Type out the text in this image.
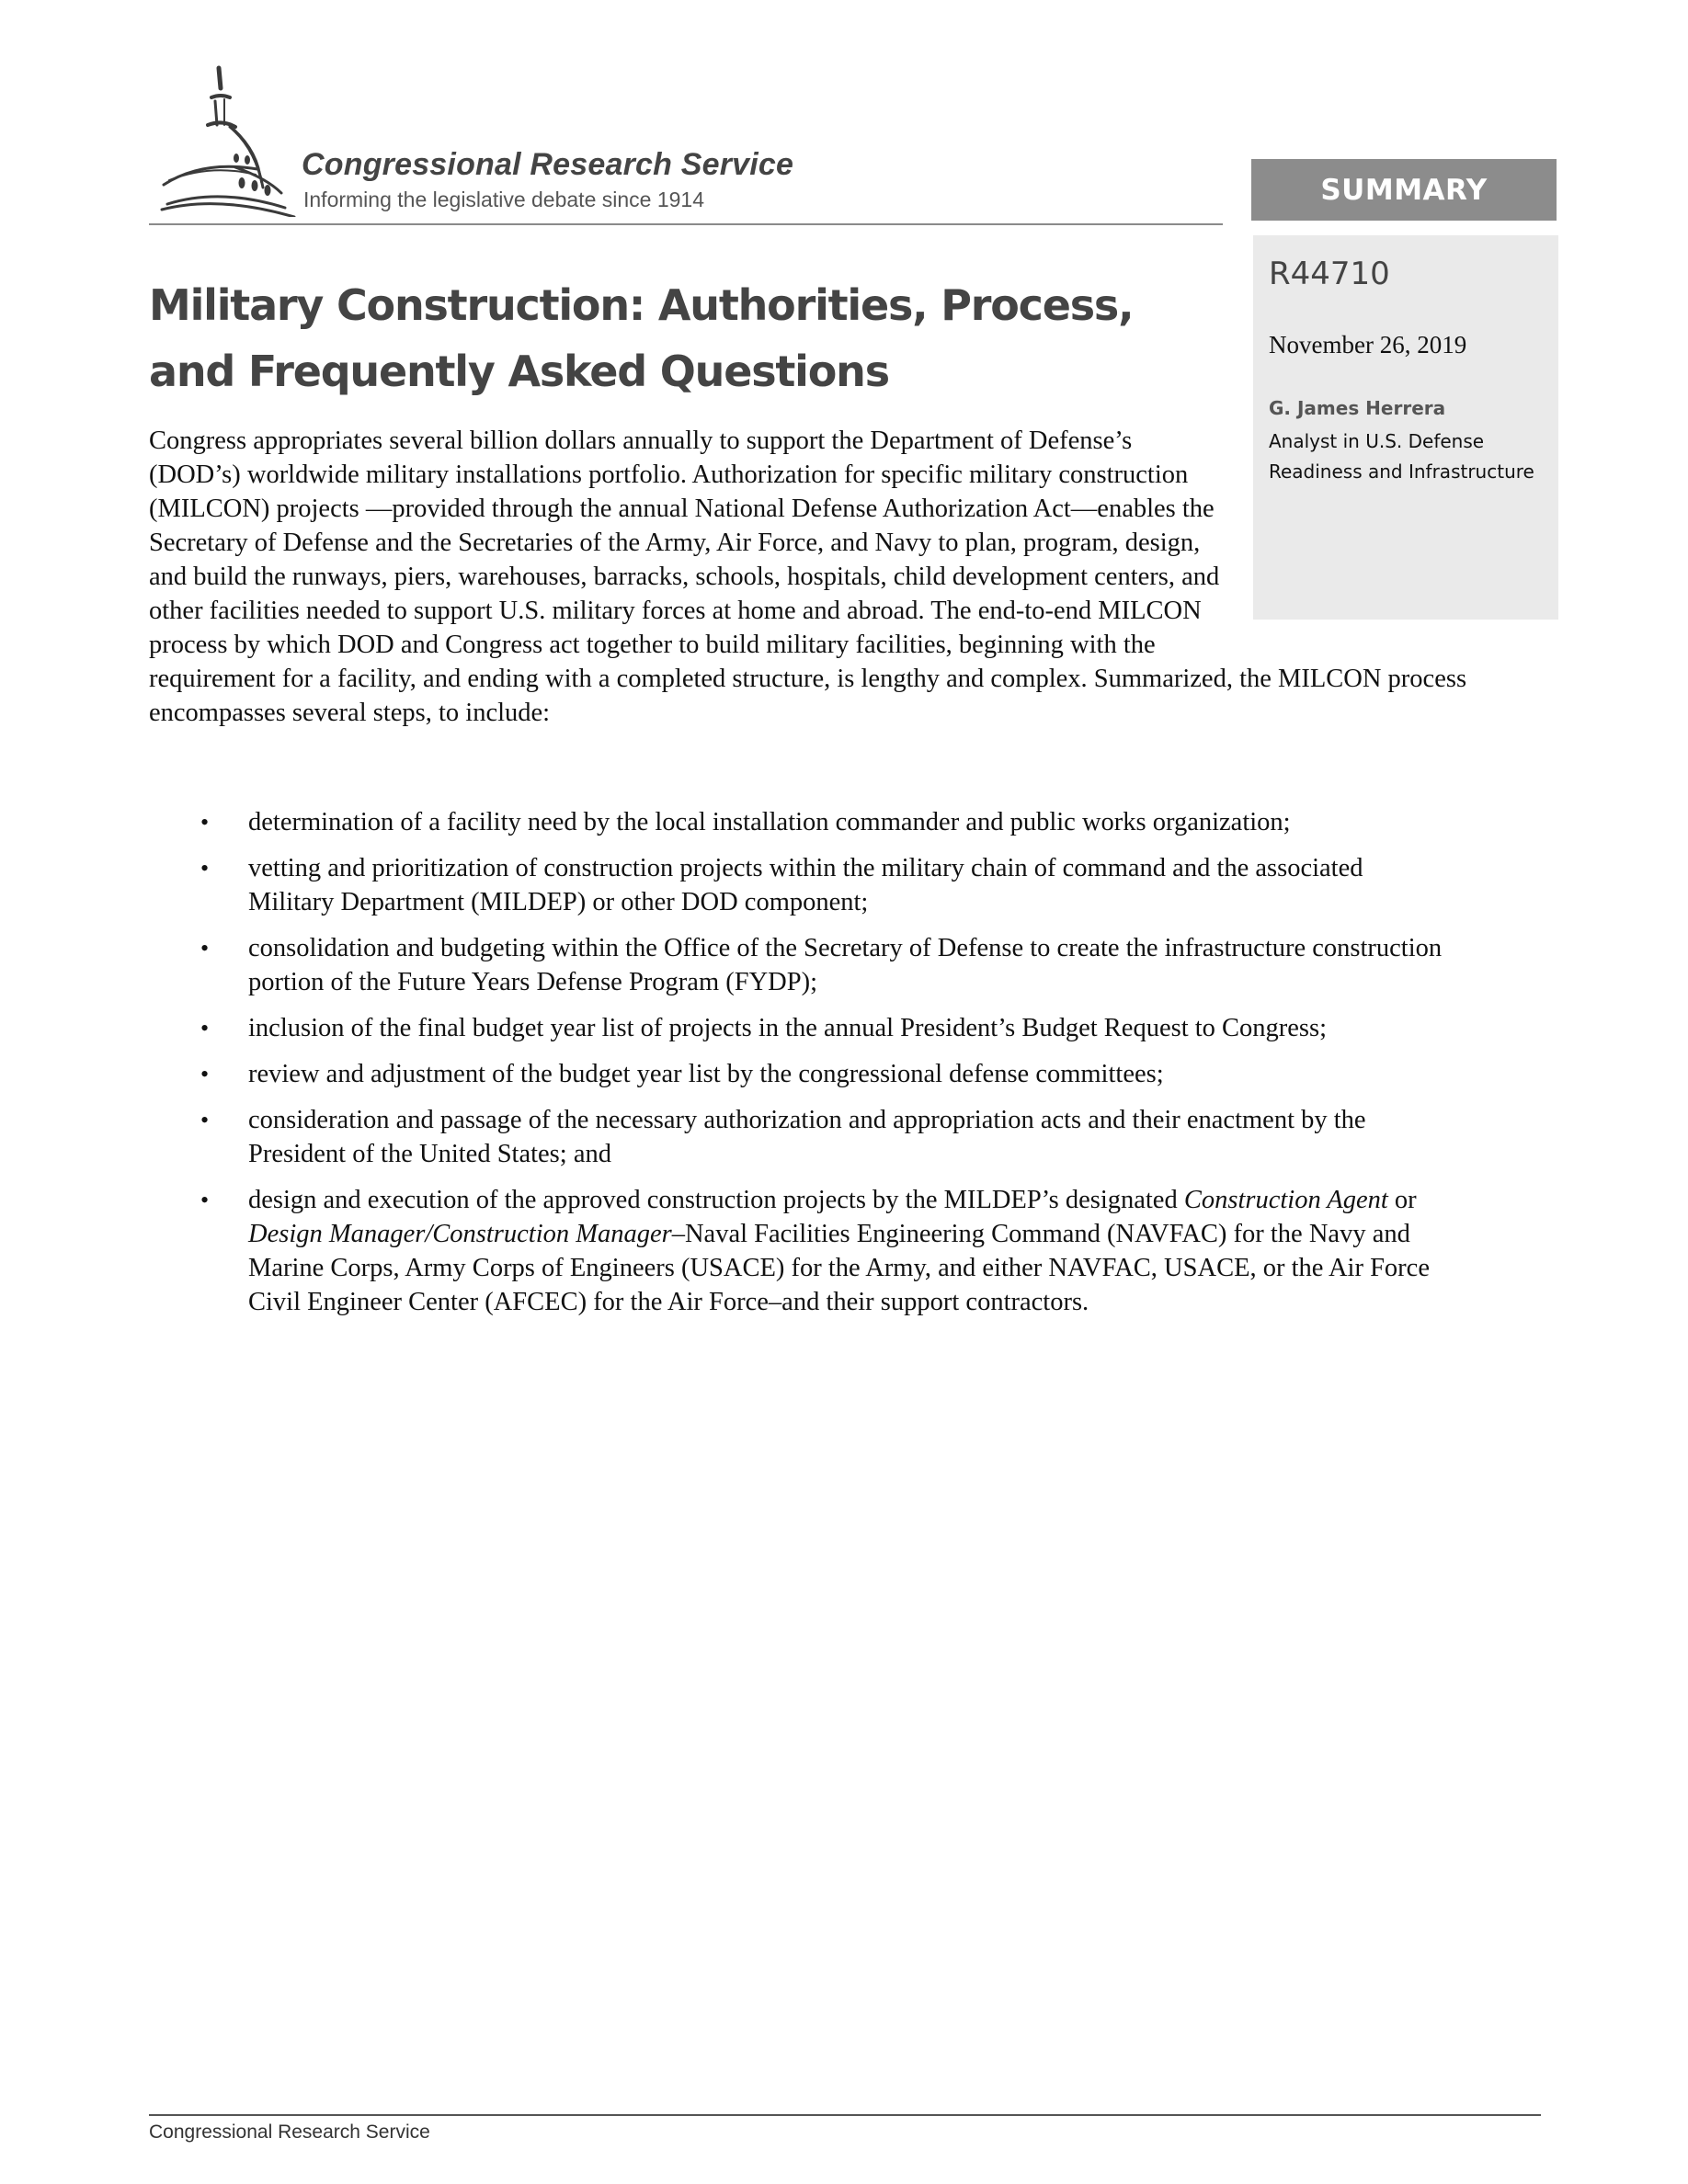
Congressional Research Service
Informing the legislative debate since 1914	SUMMARY
R44710
November 26, 2019
G. James Herrera
Analyst in U.S. Defense Readiness and Infrastructure
Military Construction: Authorities, Process, and Frequently Asked Questions

Congress appropriates several billion dollars annually to support the Department of Defense’s (DOD’s) worldwide military installations portfolio. Authorization for specific military construction (MILCON) projects —provided through the annual National Defense Authorization Act—enables the Secretary of Defense and the Secretaries of the Army, Air Force, and Navy to plan, program, design, and build the runways, piers, warehouses, barracks, schools, hospitals, child development centers, and other facilities needed to support U.S. military forces at home and abroad. The end-to-end MILCON process by which DOD and Congress act together to build military facilities, beginning with the requirement for a facility, and ending with a completed structure, is lengthy and complex. Summarized, the MILCON process encompasses several steps, to include:

• determination of a facility need by the local installation commander and public works organization;
• vetting and prioritization of construction projects within the military chain of command and the associated Military Department (MILDEP) or other DOD component;
• consolidation and budgeting within the Office of the Secretary of Defense to create the infrastructure construction portion of the Future Years Defense Program (FYDP);
• inclusion of the final budget year list of projects in the annual President’s Budget Request to Congress;
• review and adjustment of the budget year list by the congressional defense committees;
• consideration and passage of the necessary authorization and appropriation acts and their enactment by the President of the United States; and
• design and execution of the approved construction projects by the MILDEP’s designated Construction Agent or Design Manager/Construction Manager–Naval Facilities Engineering Command (NAVFAC) for the Navy and Marine Corps, Army Corps of Engineers (USACE) for the Army, and either NAVFAC, USACE, or the Air Force Civil Engineer Center (AFCEC) for the Air Force–and their support contractors.
Congressional Research Service
